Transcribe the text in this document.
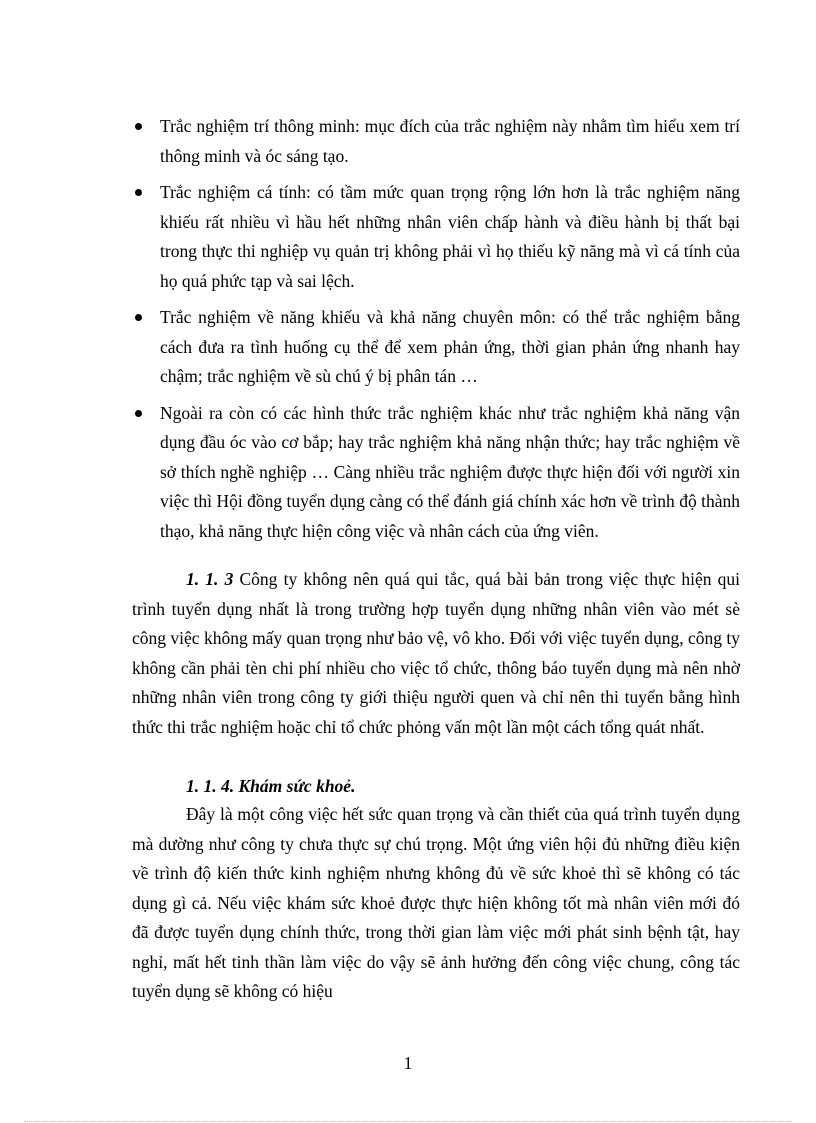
Trắc nghiệm trí thông minh: mục đích của trắc nghiệm này nhằm tìm hiểu xem trí thông minh và óc sáng tạo.
Trắc nghiệm cá tính: có tầm mức quan trọng rộng lớn hơn là trắc nghiệm năng khiếu rất nhiều vì hầu hết những nhân viên chấp hành và điều hành bị thất bại trong thực thi nghiệp vụ quản trị không phải vì họ thiếu kỹ năng mà vì cá tính của họ quá phức tạp và sai lệch.
Trắc nghiệm về năng khiếu và khả năng chuyên môn: có thể trắc nghiệm bằng cách đưa ra tình huống cụ thể để xem phản ứng, thời gian phản ứng nhanh hay chậm; trắc nghiệm về sù chú ý bị phân tán …
Ngoài ra còn có các hình thức trắc nghiệm khác như trắc nghiệm khả năng vận dụng đầu óc vào cơ bắp; hay trắc nghiệm khả năng nhận thức; hay trắc nghiệm về sở thích nghề nghiệp … Càng nhiều trắc nghiệm được thực hiện đối với người xin việc thì Hội đồng tuyển dụng càng có thể đánh giá chính xác hơn về trình độ thành thạo, khả năng thực hiện công việc và nhân cách của ứng viên.

1. 1. 3 Công ty không nên quá qui tắc, quá bài bản trong việc thực hiện qui trình tuyển dụng nhất là trong trường hợp tuyển dụng những nhân viên vào mét sè công việc không mấy quan trọng như bảo vệ, vô kho. Đối với việc tuyển dụng, công ty không cần phải tèn chi phí nhiều cho việc tổ chức, thông báo tuyển dụng mà nên nhờ những nhân viên trong công ty giới thiệu người quen và chỉ nên thi tuyển bằng hình thức thi trắc nghiệm hoặc chỉ tổ chức phỏng vấn một lần một cách tổng quát nhất.

1. 1. 4. Khám sức khoẻ.

Đây là một công việc hết sức quan trọng và cần thiết của quá trình tuyển dụng mà dường như công ty chưa thực sự chú trọng. Một ứng viên hội đủ những điều kiện về trình độ kiến thức kinh nghiệm nhưng không đủ về sức khoẻ thì sẽ không có tác dụng gì cả. Nếu việc khám sức khoẻ được thực hiện không tốt mà nhân viên mới đó đã được tuyển dụng chính thức, trong thời gian làm việc mới phát sinh bệnh tật, hay nghỉ, mất hết tinh thần làm việc do vậy sẽ ảnh hưởng đến công việc chung, công tác tuyển dụng sẽ không có hiệu

1
